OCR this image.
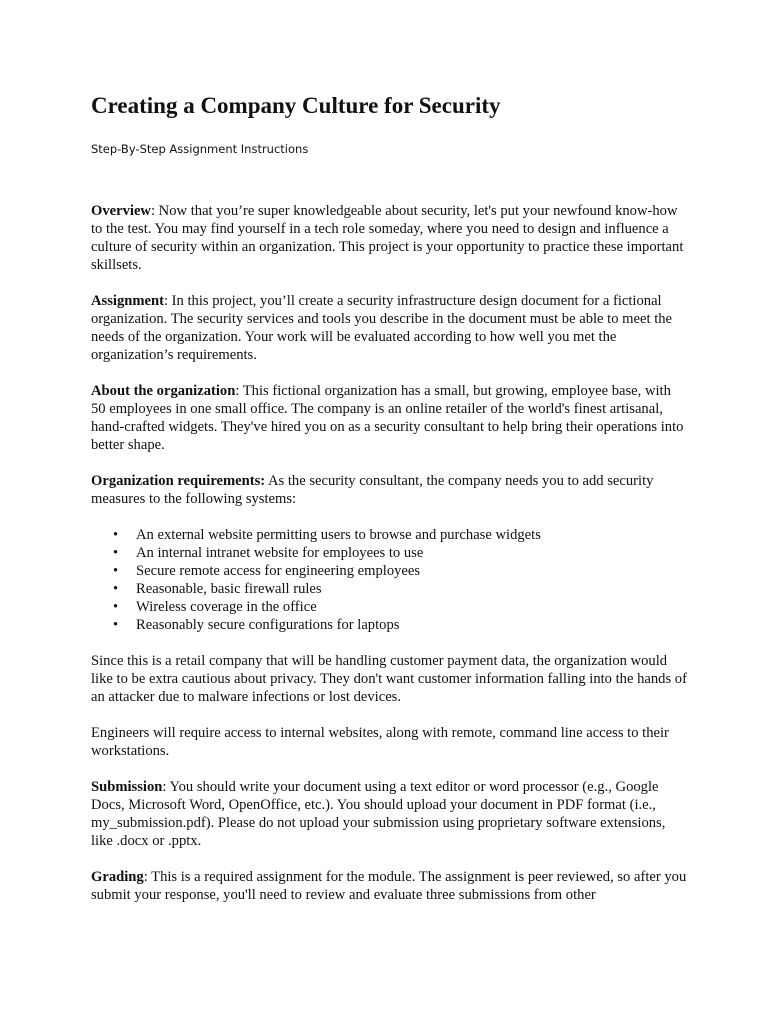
Creating a Company Culture for Security

Step-By-Step Assignment Instructions

Overview: Now that you’re super knowledgeable about security, let's put your newfound know-how to the test. You may find yourself in a tech role someday, where you need to design and influence a culture of security within an organization. This project is your opportunity to practice these important skillsets.

Assignment: In this project, you’ll create a security infrastructure design document for a fictional organization. The security services and tools you describe in the document must be able to meet the needs of the organization. Your work will be evaluated according to how well you met the organization’s requirements.

About the organization: This fictional organization has a small, but growing, employee base, with 50 employees in one small office. The company is an online retailer of the world's finest artisanal, hand-crafted widgets. They've hired you on as a security consultant to help bring their operations into better shape.

Organization requirements: As the security consultant, the company needs you to add security measures to the following systems:

• An external website permitting users to browse and purchase widgets
• An internal intranet website for employees to use
• Secure remote access for engineering employees
• Reasonable, basic firewall rules
• Wireless coverage in the office
• Reasonably secure configurations for laptops

Since this is a retail company that will be handling customer payment data, the organization would like to be extra cautious about privacy. They don't want customer information falling into the hands of an attacker due to malware infections or lost devices.

Engineers will require access to internal websites, along with remote, command line access to their workstations.

Submission: You should write your document using a text editor or word processor (e.g., Google Docs, Microsoft Word, OpenOffice, etc.). You should upload your document in PDF format (i.e., my_submission.pdf). Please do not upload your submission using proprietary software extensions, like .docx or .pptx.

Grading: This is a required assignment for the module. The assignment is peer reviewed, so after you submit your response, you'll need to review and evaluate three submissions from other
